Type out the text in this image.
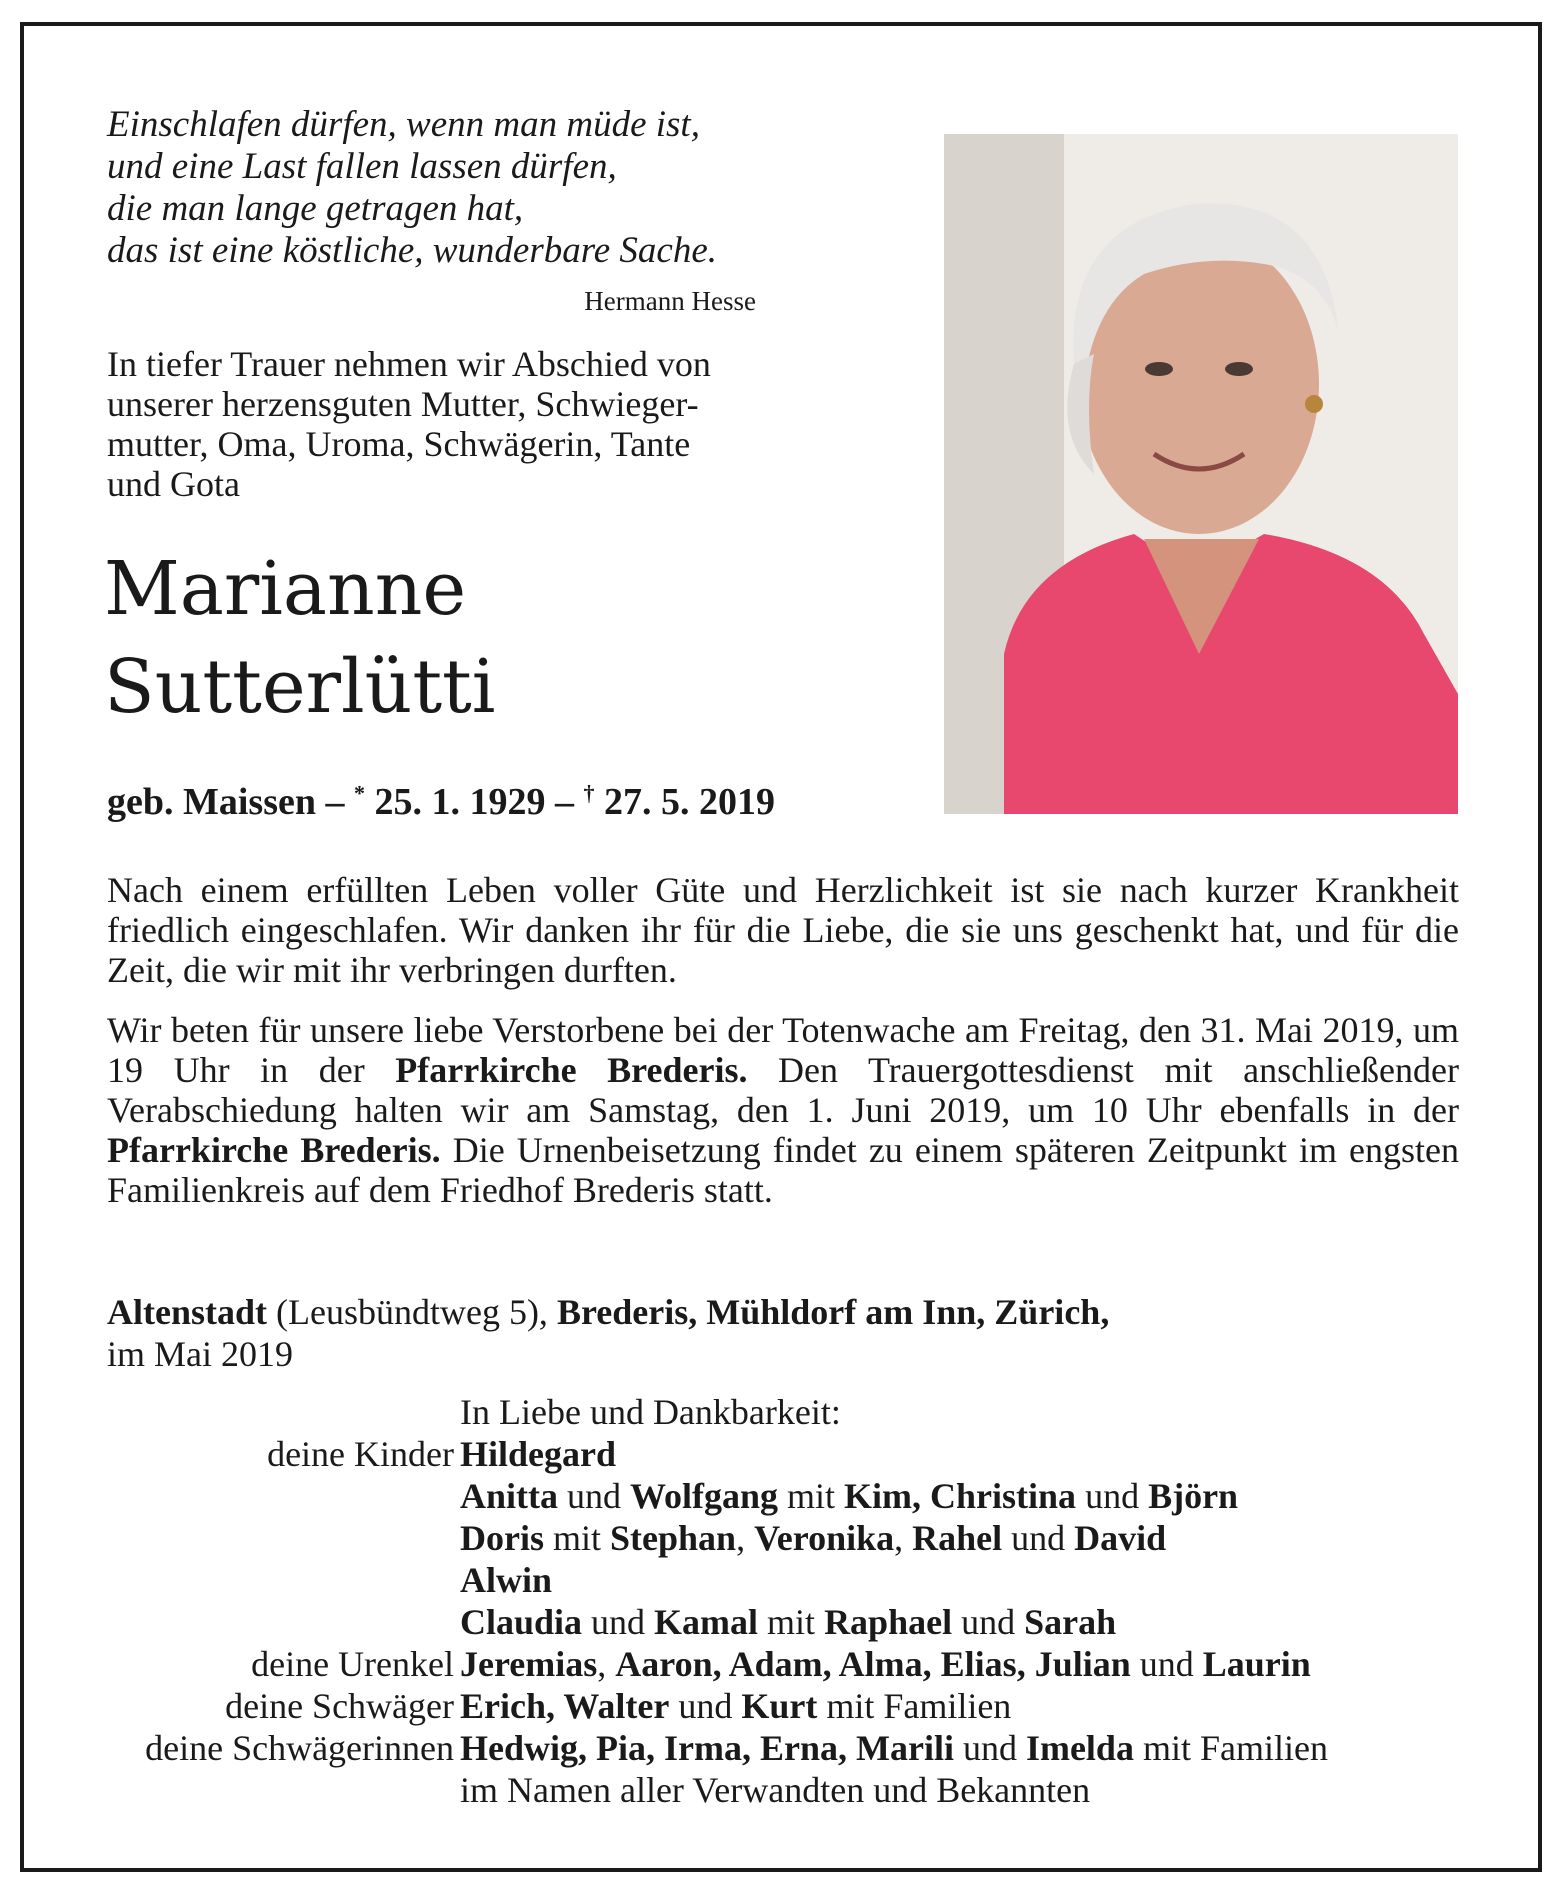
Einschlafen dürfen, wenn man müde ist,
und eine Last fallen lassen dürfen,
die man lange getragen hat,
das ist eine köstliche, wunderbare Sache.
Hermann Hesse
In tiefer Trauer nehmen wir Abschied von
unserer herzensguten Mutter, Schwieger-
mutter, Oma, Uroma, Schwägerin, Tante
und Gota
Marianne
Sutterlütti
geb. Maissen – * 25. 1. 1929 – † 27. 5. 2019

Nach einem erfüllten Leben voller Güte und Herzlichkeit ist sie nach kurzer Krankheit friedlich eingeschlafen. Wir danken ihr für die Liebe, die sie uns geschenkt hat, und für die Zeit, die wir mit ihr verbringen durften.

Wir beten für unsere liebe Verstorbene bei der Totenwache am Freitag, den 31. Mai 2019, um 19 Uhr in der Pfarrkirche Brederis. Den Trauergottesdienst mit anschließender Verabschiedung halten wir am Samstag, den 1. Juni 2019, um 10 Uhr ebenfalls in der Pfarrkirche Brederis. Die Urnenbeisetzung findet zu einem späteren Zeitpunkt im engsten Familienkreis auf dem Friedhof Brederis statt.

Altenstadt (Leusbündtweg 5), Brederis, Mühldorf am Inn, Zürich,
im Mai 2019
In Liebe und Dankbarkeit:
deine Kinder Hildegard
Anitta und Wolfgang mit Kim, Christina und Björn
Doris mit Stephan, Veronika, Rahel und David
Alwin
Claudia und Kamal mit Raphael und Sarah
deine Urenkel Jeremias, Aaron, Adam, Alma, Elias, Julian und Laurin
deine Schwäger Erich, Walter und Kurt mit Familien
deine Schwägerinnen Hedwig, Pia, Irma, Erna, Marili und Imelda mit Familien
im Namen aller Verwandten und Bekannten
